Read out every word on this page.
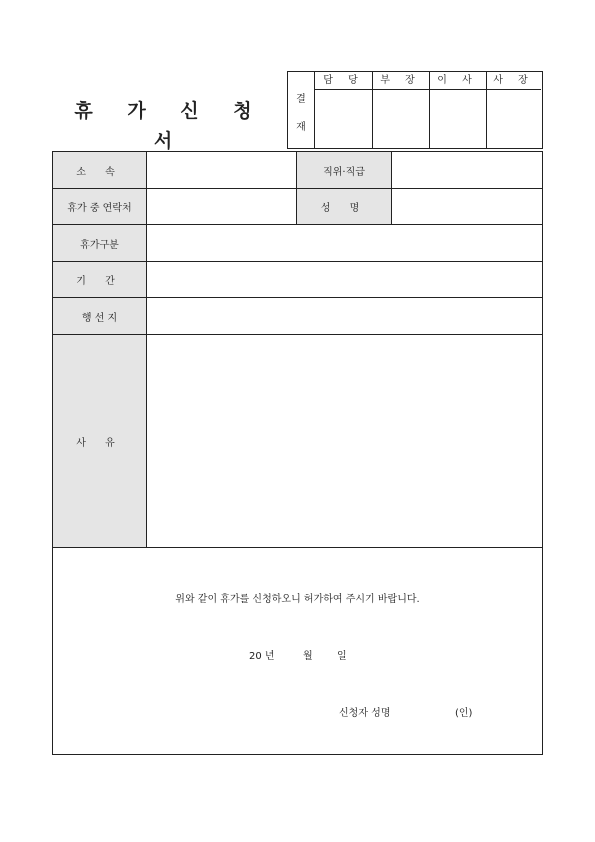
휴 가 신 청 서
결
재
담 당	부 장	이 사	사 장
소 속	직위·직급
휴가 중 연락처	성 명
휴가구분
기 간
행 선 지
사 유
위와 같이 휴가를 신청하오니 허가하여 주시기 바랍니다.
20 년	월 일
신청자 성명	(인)
